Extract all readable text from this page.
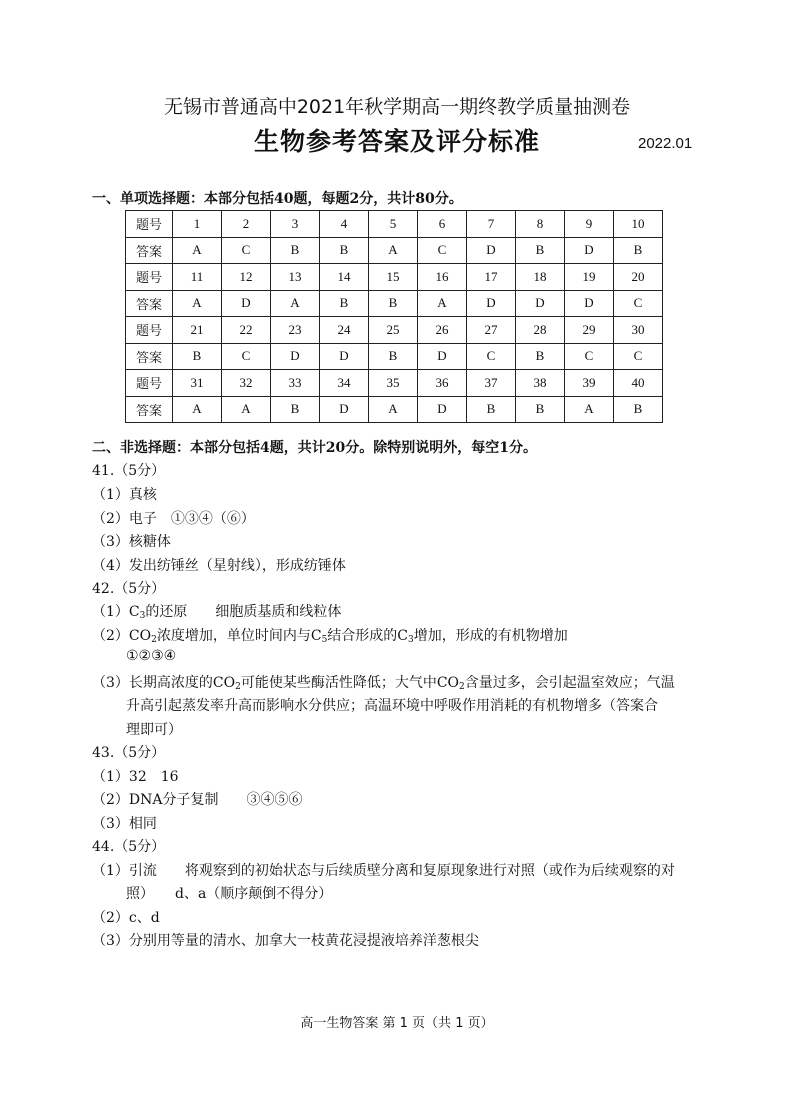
无锡市普通高中2021年秋学期高一期终教学质量抽测卷
生物参考答案及评分标准	2022.01
一、单项选择题：本部分包括40题，每题2分，共计80分。
题号	1	2	3	4	5	6	7	8	9	10
答案	A	C	B	B	A	C	D	B	D	B
题号	11	12	13	14	15	16	17	18	19	20
答案	A	D	A	B	B	A	D	D	D	C
题号	21	22	23	24	25	26	27	28	29	30
答案	B	C	D	D	B	D	C	B	C	C
题号	31	32	33	34	35	36	37	38	39	40
答案	A	A	B	D	A	D	B	B	A	B
二、非选择题：本部分包括4题，共计20分。除特别说明外，每空1分。
41.（5分）
（1）真核
（2）电子　①③④（⑥）
（3）核糖体
（4）发出纺锤丝（星射线），形成纺锤体
42.（5分）
$(1)C_3$的还原　　细胞质基质和线粒体
$(2)CO_2$浓度增加，单位时间内与$C_5$结合形成的$C_3$增加，形成的有机物增加
①②③④
（3）长期高浓度的$CO_2$可能使某些酶活性降低；大气中$CO_2$含量过多，会引起温室效应；气温
升高引起蒸发率升高而影响水分供应；高温环境中呼吸作用消耗的有机物增多（答案合
理即可）
43.（5分）
（1）32　16
（2）DNA分子复制　　③④⑤⑥
（3）相同
44.（5分）
（1）引流　　将观察到的初始状态与后续质壁分离和复原现象进行对照（或作为后续观察的对
照）　　d、a（顺序颠倒不得分）
（2）c、d
（3）分别用等量的清水、加拿大一枝黄花浸提液培养洋葱根尖
高一生物答案 第 1 页（共 1 页）
